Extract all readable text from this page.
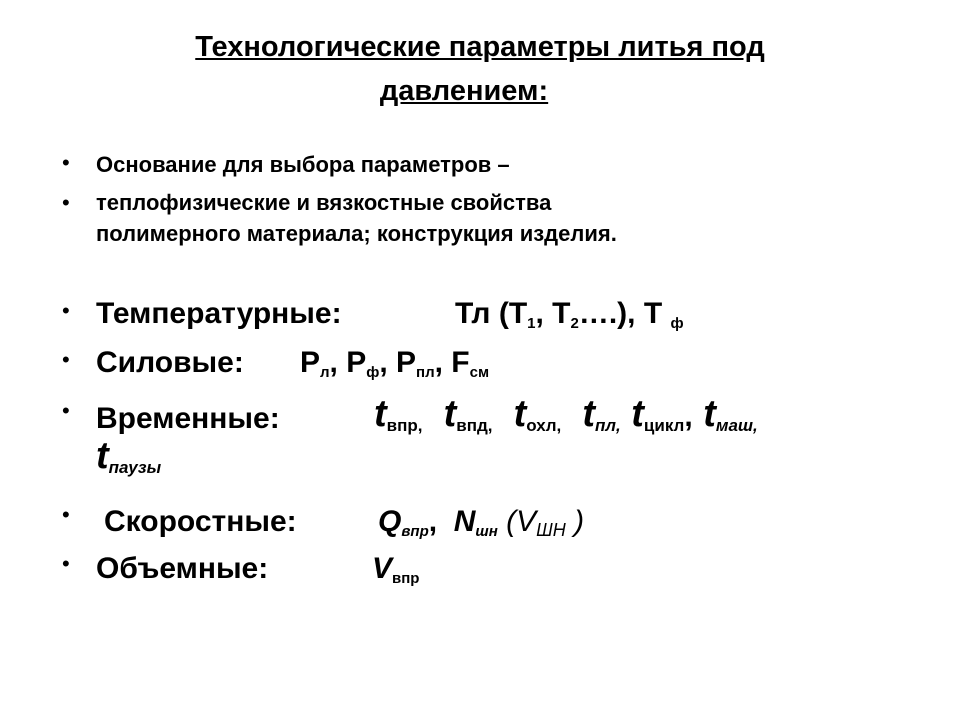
Технологические параметры литья под
давлением:
• Основание для выбора параметров –
• теплофизические и вязкостные свойства
полимерного материала; конструкция изделия.
• Температурные:	Тл ($Т_1$, $Т_2\dots$.), Т $_ф$
• Силовые: $Р_л$, $Р_ф$, $Р_{пл}$, $F_{см}$
• Временные: $t_{впр,}$ $t_{впд,}$ $t_{охл,}$ $t_{пл,}$ $t_{цикл}$, $t_{маш,}$
$t_{паузы}$
• Скоростные:	$Q_{впр}$, $N_{шн}$ ($V_{ШН}$ )
• Объемные:	$V_{впр}$
